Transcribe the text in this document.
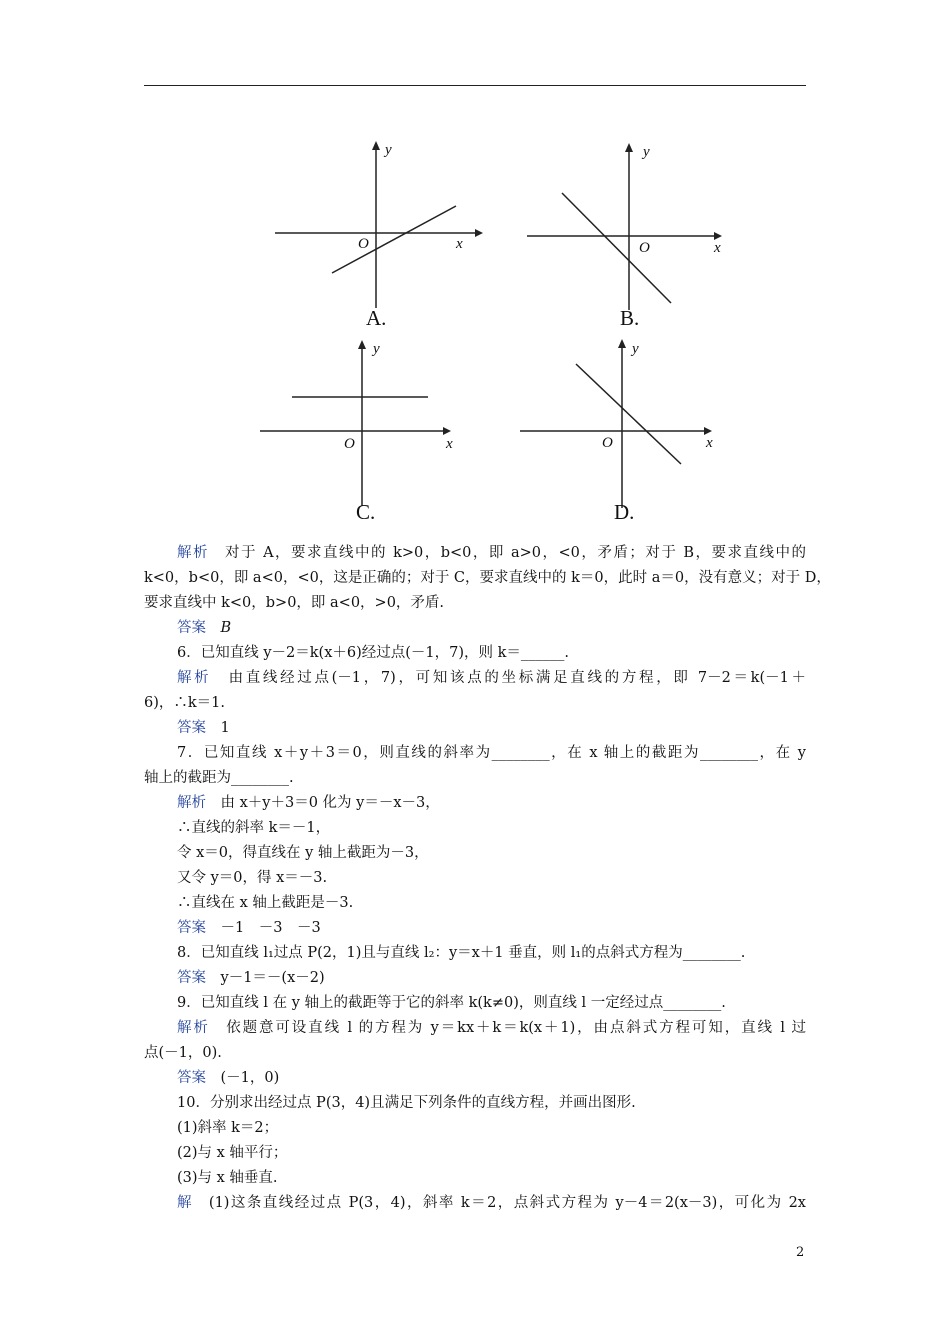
y
x
O
A.
y
x
O
B.
y
x
O
C.
y
x
O
D.
解析　 对于 A，要求直线中的 k>0，b<0，即 a>0，<0，矛盾；对于 B，要求直线中的
k<0，b<0，即 a<0，<0，这是正确的；对于 C，要求直线中的 k＝0，此时 a＝0，没有意义；对于 D，
要求直线中 k<0，b>0，即 a<0，>0，矛盾.
答案　 B
6．已知直线 y－2＝k(x＋6)经过点(－1，7)，则 k＝______.
解析　 由直线经过点(－1，7)，可知该点的坐标满足直线的方程，即 7－2＝k(－1＋
6)，∴k＝1.
答案　 1
7．已知直线 x＋y＋3＝0，则直线的斜率为________，在 x 轴上的截距为________，在 y
轴上的截距为________.
解析　 由 x＋y＋3＝0 化为 y＝－x－3，
∴直线的斜率 k＝－1，
令 x＝0，得直线在 y 轴上截距为－3，
又令 y＝0，得 x＝－3.
∴直线在 x 轴上截距是－3.
答案　 －1　－3　－3
8．已知直线 l₁过点 P(2，1)且与直线 l₂：y＝x＋1 垂直，则 l₁的点斜式方程为________.
答案　 y－1＝－(x－2)
9．已知直线 l 在 y 轴上的截距等于它的斜率 k(k≠0)，则直线 l 一定经过点________.
解析　 依题意可设直线 l 的方程为 y＝kx＋k＝k(x＋1)，由点斜式方程可知，直线 l 过
点(－1，0).
答案　 (－1，0)
10．分别求出经过点 P(3，4)且满足下列条件的直线方程，并画出图形.
(1)斜率 k＝2；
(2)与 x 轴平行；
(3)与 x 轴垂直.
解　 (1)这条直线经过点 P(3，4)，斜率 k＝2，点斜式方程为 y－4＝2(x－3)，可化为 2x
2
